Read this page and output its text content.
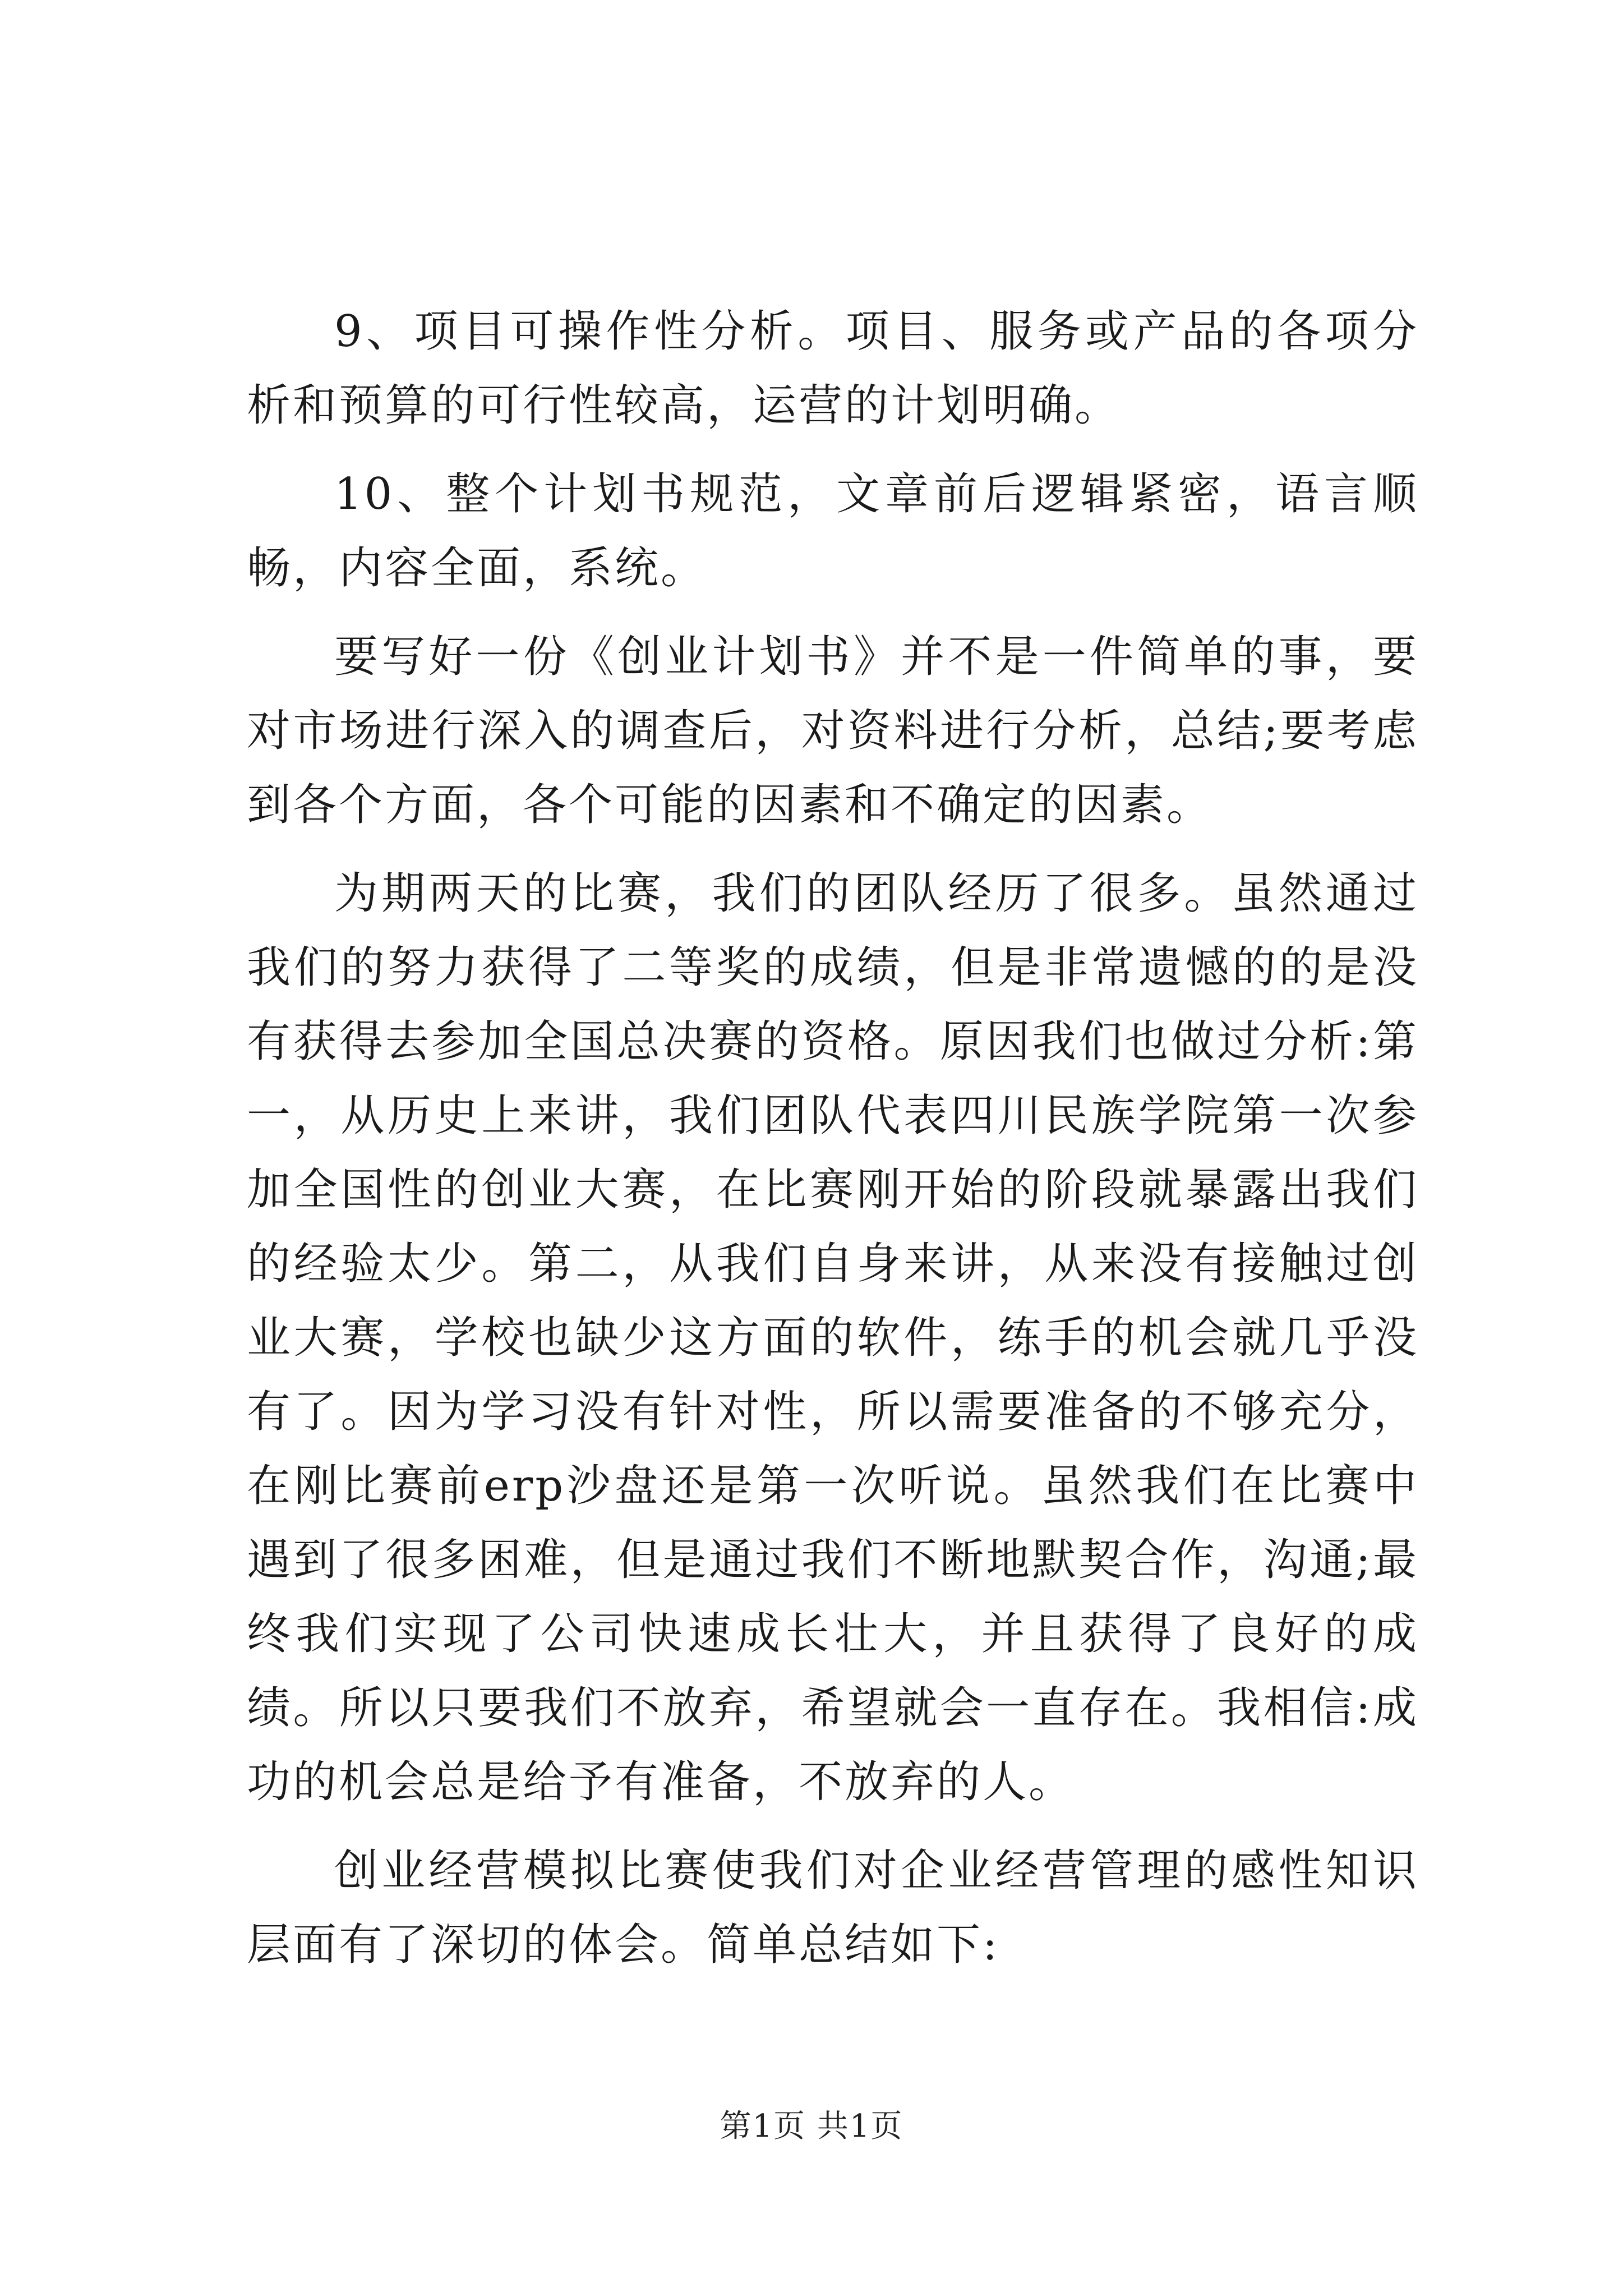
9、项目可操作性分析。项目、服务或产品的各项分析和预算的可行性较高，运营的计划明确。

10、整个计划书规范，文章前后逻辑紧密，语言顺畅，内容全面，系统。

要写好一份《创业计划书》并不是一件简单的事，要对市场进行深入的调查后，对资料进行分析，总结;要考虑到各个方面，各个可能的因素和不确定的因素。

为期两天的比赛，我们的团队经历了很多。虽然通过我们的努力获得了二等奖的成绩，但是非常遗憾的的是没有获得去参加全国总决赛的资格。原因我们也做过分析:第一，从历史上来讲，我们团队代表四川民族学院第一次参加全国性的创业大赛，在比赛刚开始的阶段就暴露出我们的经验太少。第二，从我们自身来讲，从来没有接触过创业大赛，学校也缺少这方面的软件，练手的机会就几乎没有了。因为学习没有针对性，所以需要准备的不够充分，在刚比赛前erp沙盘还是第一次听说。虽然我们在比赛中遇到了很多困难，但是通过我们不断地默契合作，沟通;最终我们实现了公司快速成长壮大，并且获得了良好的成绩。所以只要我们不放弃，希望就会一直存在。我相信:成功的机会总是给予有准备，不放弃的人。

创业经营模拟比赛使我们对企业经营管理的感性知识层面有了深切的体会。简单总结如下:

第1页 共1页
